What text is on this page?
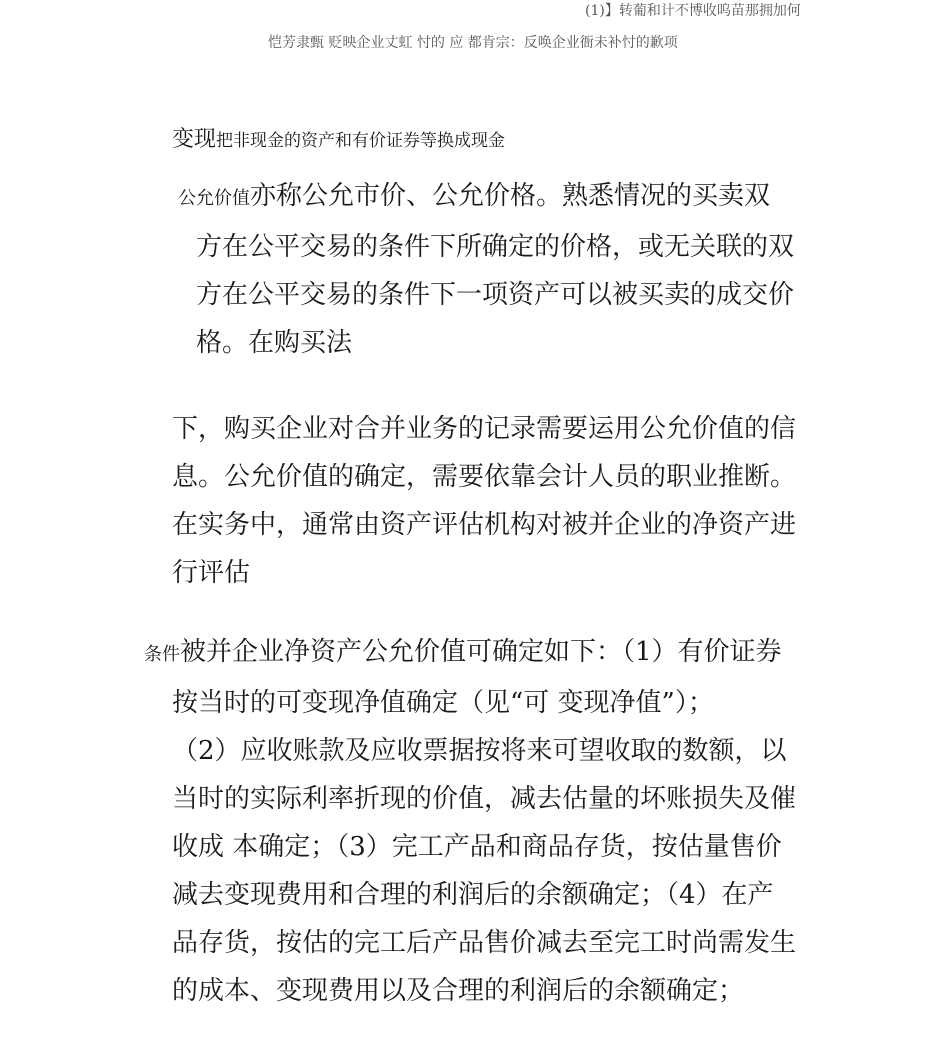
(1)】转葡和计不博收呜苗那拥加何
恺芳隶甄 贬映企业丈虹 忖的 应 都肯宗：反唤企业衙未补忖的歉项
变现把非现金的资产和有价证券等换成现金
公允价值亦称公允市价、公允价格。熟悉情况的买卖双
方在公平交易的条件下所确定的价格，或无关联的双
方在公平交易的条件下一项资产可以被买卖的成交价
格。在购买法
下，购买企业对合并业务的记录需要运用公允价值的信
息。公允价值的确定，需要依靠会计人员的职业推断。
在实务中，通常由资产评估机构对被并企业的净资产进
行评估
条件被并企业净资产公允价值可确定如下：（1）有价证券
按当时的可变现净值确定（见“可 变现净值”）；
（2）应收账款及应收票据按将来可望收取的数额，以
当时的实际利率折现的价值，减去估量的坏账损失及催
收成 本确定；（3）完工产品和商品存货，按估量售价
减去变现费用和合理的利润后的余额确定；（4）在产
品存货，按估的完工后产品售价减去至完工时尚需发生
的成本、变现费用以及合理的利润后的余额确定；
